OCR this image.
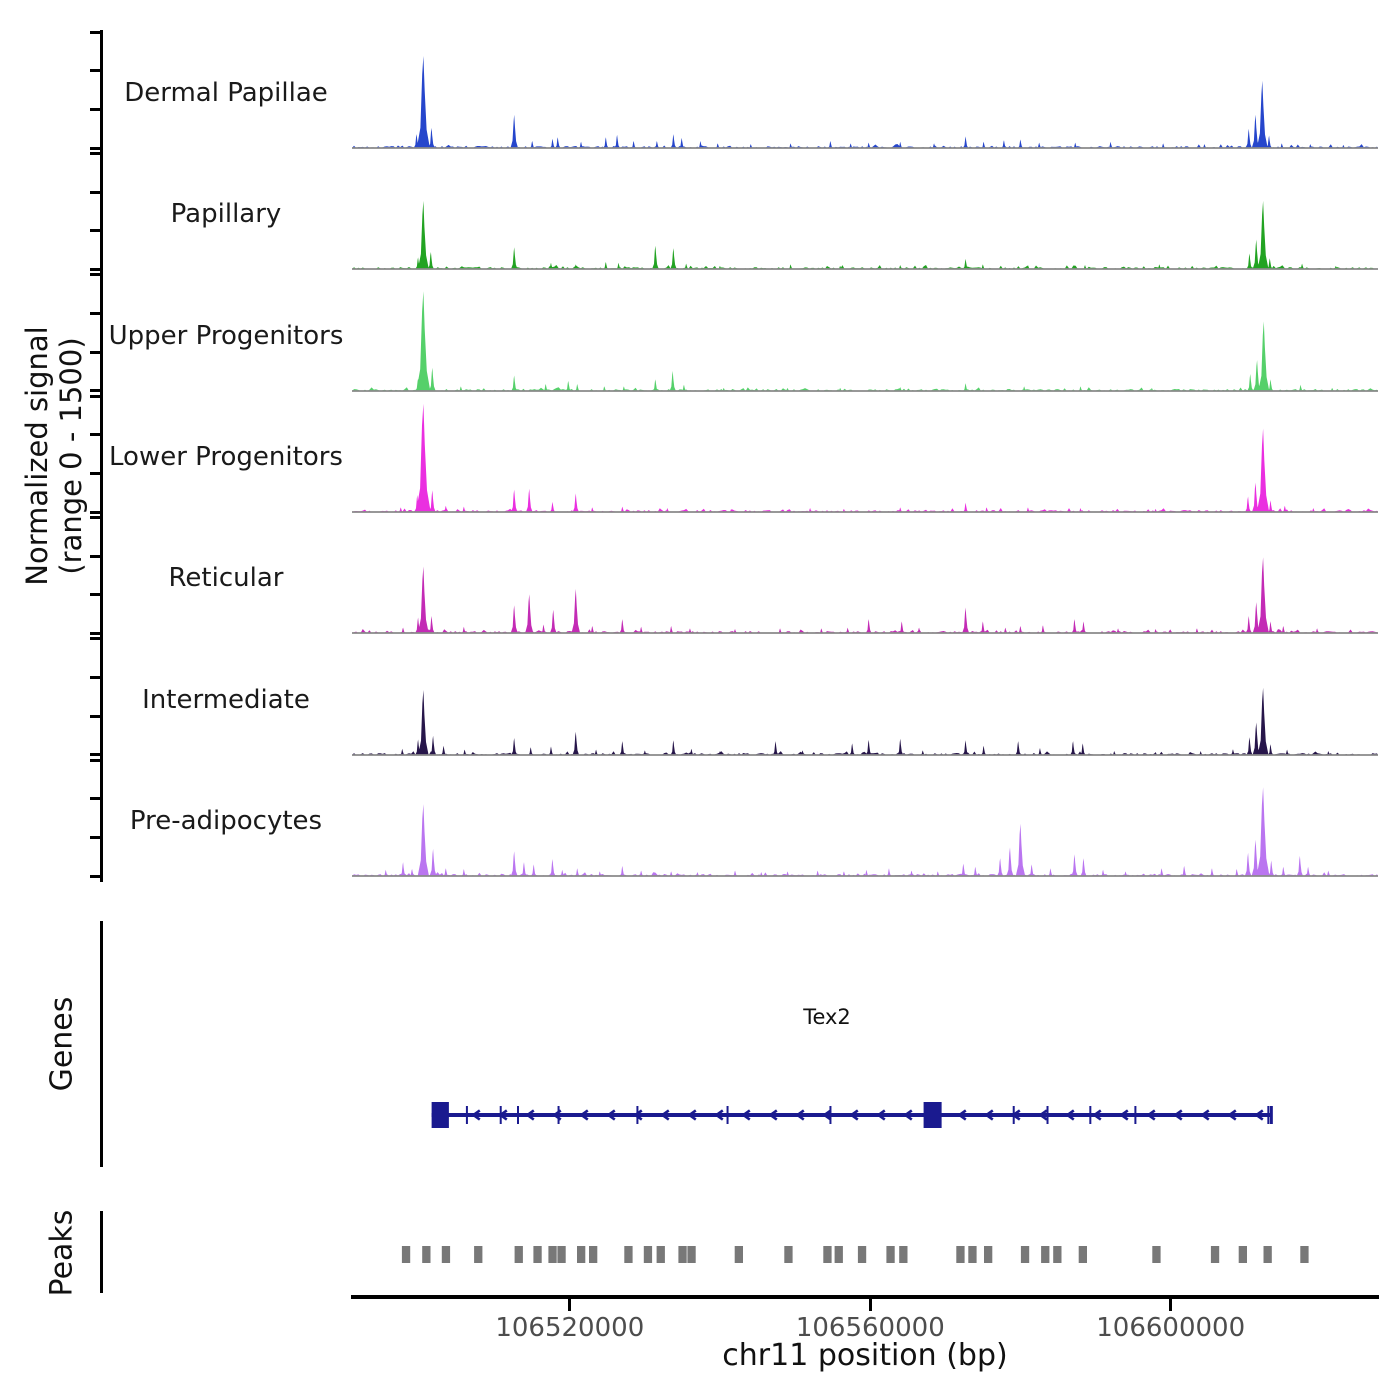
Normalized signal
(range 0 - 1500)
Genes
Peaks
Tex2
chr11 position (bp)
Dermal Papillae
Papillary
Upper Progenitors
Lower Progenitors
Reticular
Intermediate
Pre-adipocytes
106520000	106560000	106600000
